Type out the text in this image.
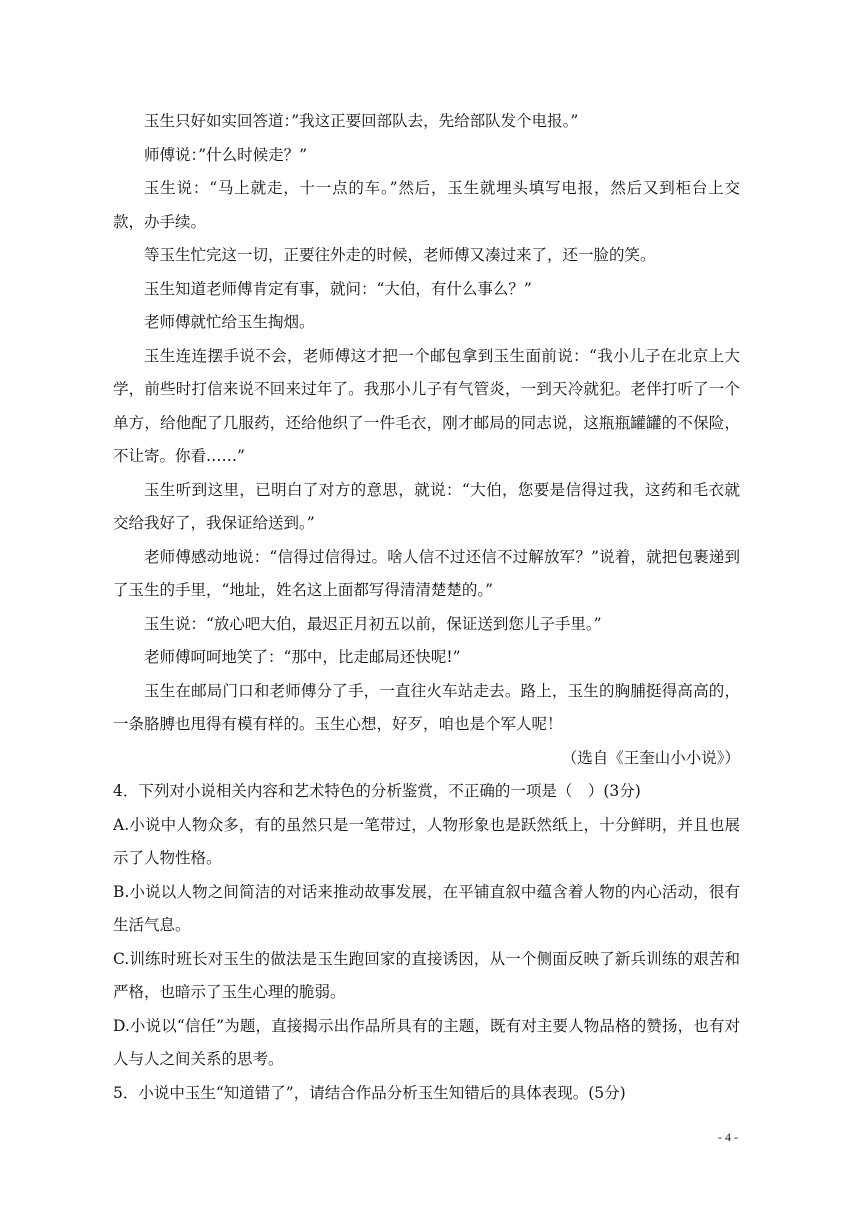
玉生只好如实回答道：”我这正要回部队去，先给部队发个电报。”

师傅说：”什么时候走？”

玉生说：“马上就走，十一点的车。”然后，玉生就埋头填写电报，然后又到柜台上交款，办手续。

等玉生忙完这一切，正要往外走的时候，老师傅又凑过来了，还一脸的笑。

玉生知道老师傅肯定有事，就问：“大伯，有什么事么？”

老师傅就忙给玉生掏烟。

玉生连连摆手说不会，老师傅这才把一个邮包拿到玉生面前说：“我小儿子在北京上大学，前些时打信来说不回来过年了。我那小儿子有气管炎，一到天冷就犯。老伴打听了一个单方，给他配了几服药，还给他织了一件毛衣，刚才邮局的同志说，这瓶瓶罐罐的不保险，不让寄。你看……”

玉生听到这里，已明白了对方的意思，就说：“大伯，您要是信得过我，这药和毛衣就交给我好了，我保证给送到。”

老师傅感动地说：“信得过信得过。啥人信不过还信不过解放军？”说着，就把包裹递到了玉生的手里，“地址，姓名这上面都写得清清楚楚的。”

玉生说：“放心吧大伯，最迟正月初五以前，保证送到您儿子手里。”

老师傅呵呵地笑了：“那中，比走邮局还快呢!”

玉生在邮局门口和老师傅分了手，一直往火车站走去。路上，玉生的胸脯挺得高高的，一条胳膊也甩得有模有样的。玉生心想，好歹，咱也是个军人呢！

（选自《王奎山小小说》）

4．下列对小说相关内容和艺术特色的分析鉴赏，不正确的一项是（　）(3分)

A.小说中人物众多，有的虽然只是一笔带过，人物形象也是跃然纸上，十分鲜明，并且也展示了人物性格。

B.小说以人物之间简洁的对话来推动故事发展，在平铺直叙中蕴含着人物的内心活动，很有生活气息。

C.训练时班长对玉生的做法是玉生跑回家的直接诱因，从一个侧面反映了新兵训练的艰苦和严格，也暗示了玉生心理的脆弱。

D.小说以“信任”为题，直接揭示出作品所具有的主题，既有对主要人物品格的赞扬，也有对人与人之间关系的思考。

5．小说中玉生“知道错了”，请结合作品分析玉生知错后的具体表现。(5分)

- 4 -
